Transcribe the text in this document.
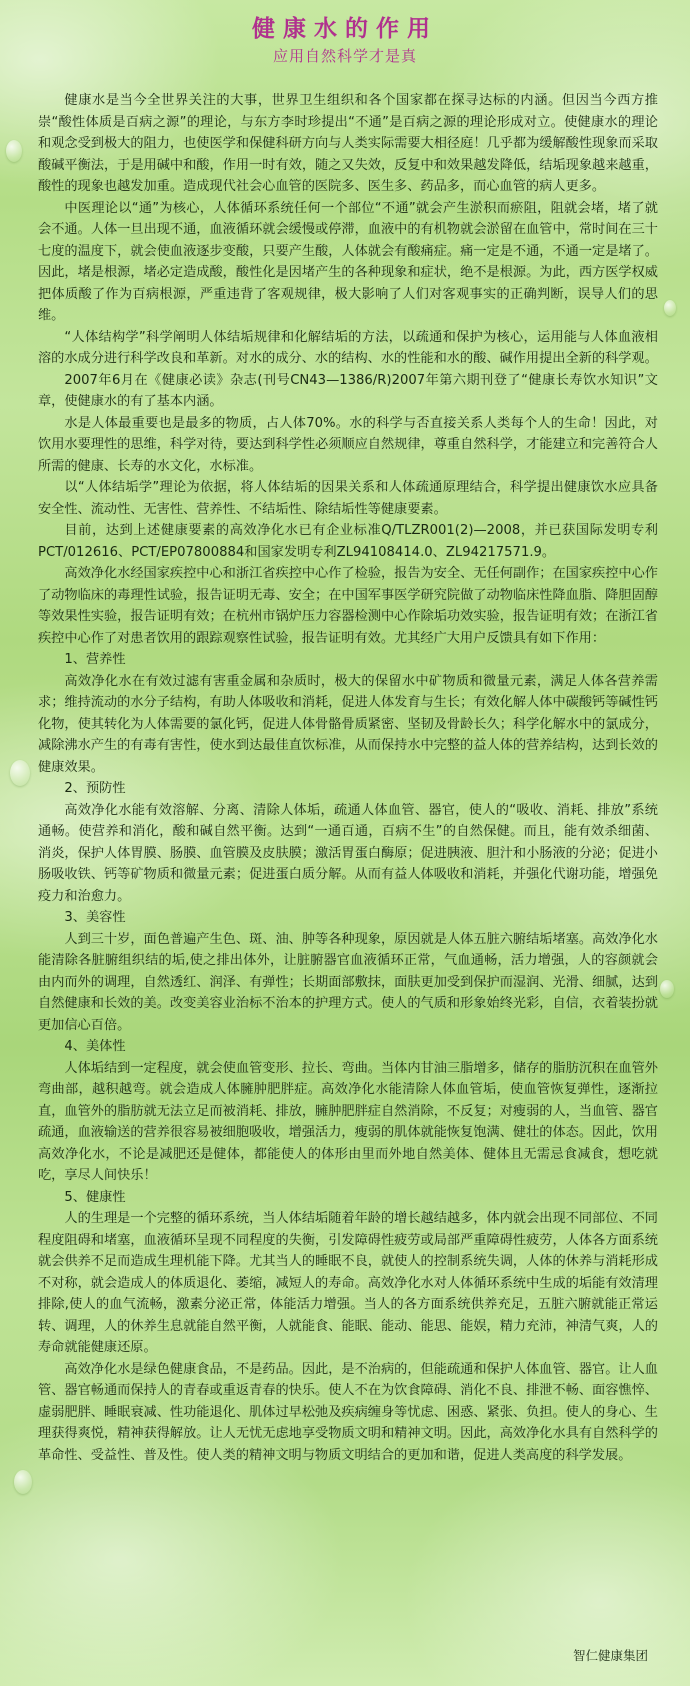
健康水的作用
应用自然科学才是真

健康水是当今全世界关注的大事，世界卫生组织和各个国家都在探寻达标的内涵。但因当今西方推崇“酸性体质是百病之源”的理论，与东方李时珍提出“不通”是百病之源的理论形成对立。使健康水的理论和观念受到极大的阻力，也使医学和保健科研方向与人类实际需要大相径庭！几乎都为缓解酸性现象而采取酸碱平衡法，于是用碱中和酸，作用一时有效，随之又失效，反复中和效果越发降低，结垢现象越来越重，酸性的现象也越发加重。造成现代社会心血管的医院多、医生多、药品多，而心血管的病人更多。

中医理论以“通”为核心，人体循环系统任何一个部位“不通”就会产生淤积而瘀阻，阻就会堵，堵了就会不通。人体一旦出现不通，血液循环就会缓慢或停滞，血液中的有机物就会淤留在血管中，常时间在三十七度的温度下，就会使血液逐步变酸，只要产生酸，人体就会有酸痛症。痛一定是不通，不通一定是堵了。因此，堵是根源，堵必定造成酸，酸性化是因堵产生的各种现象和症状，绝不是根源。为此，西方医学权威把体质酸了作为百病根源，严重违背了客观规律，极大影响了人们对客观事实的正确判断，误导人们的思维。

“人体结构学”科学阐明人体结垢规律和化解结垢的方法，以疏通和保护为核心，运用能与人体血液相溶的水成分进行科学改良和革新。对水的成分、水的结构、水的性能和水的酸、碱作用提出全新的科学观。

2007年6月在《健康必读》杂志(刊号CN43—1386/R)2007年第六期刊登了“健康长寿饮水知识”文章，使健康水的有了基本内涵。

水是人体最重要也是最多的物质，占人体70%。水的科学与否直接关系人类每个人的生命！因此，对饮用水要理性的思维，科学对待，要达到科学性必须顺应自然规律，尊重自然科学，才能建立和完善符合人所需的健康、长寿的水文化，水标准。

以“人体结垢学”理论为依据，将人体结垢的因果关系和人体疏通原理结合，科学提出健康饮水应具备安全性、流动性、无害性、营养性、不结垢性、除结垢性等健康要素。

目前，达到上述健康要素的高效净化水已有企业标准Q/TLZR001(2)—2008，并已获国际发明专利PCT/012616、PCT/EP07800884和国家发明专利ZL94108414.0、ZL94217571.9。

高效净化水经国家疾控中心和浙江省疾控中心作了检验，报告为安全、无任何副作；在国家疾控中心作了动物临床的毒理性试验，报告证明无毒、安全；在中国军事医学研究院做了动物临床性降血脂、降胆固醇等效果性实验，报告证明有效；在杭州市锅炉压力容器检测中心作除垢功效实验，报告证明有效；在浙江省疾控中心作了对患者饮用的跟踪观察性试验，报告证明有效。尤其经广大用户反馈具有如下作用：

1、营养性

高效净化水在有效过滤有害重金属和杂质时，极大的保留水中矿物质和微量元素，满足人体各营养需求；维持流动的水分子结构，有助人体吸收和消耗，促进人体发育与生长；有效化解人体中碳酸钙等碱性钙化物，使其转化为人体需要的氯化钙，促进人体骨骼骨质紧密、坚韧及骨龄长久；科学化解水中的氯成分，减除沸水产生的有毒有害性，使水到达最佳直饮标准，从而保持水中完整的益人体的营养结构，达到长效的健康效果。

2、预防性

高效净化水能有效溶解、分离、清除人体垢，疏通人体血管、器官，使人的“吸收、消耗、排放”系统通畅。使营养和消化，酸和碱自然平衡。达到“一通百通，百病不生”的自然保健。而且，能有效杀细菌、消炎，保护人体胃膜、肠膜、血管膜及皮肤膜；激活胃蛋白酶原；促进胰液、胆汁和小肠液的分泌；促进小肠吸收铁、钙等矿物质和微量元素；促进蛋白质分解。从而有益人体吸收和消耗，并强化代谢功能，增强免疫力和治愈力。

3、美容性

人到三十岁，面色普遍产生色、斑、油、肿等各种现象，原因就是人体五脏六腑结垢堵塞。高效净化水能清除各脏腑组织结的垢,使之排出体外，让脏腑器官血液循环正常，气血通畅，活力增强，人的容颜就会由内而外的调理，自然透红、润泽、有弹性；长期面部敷抹，面肤更加受到保护而湿润、光滑、细腻，达到自然健康和长效的美。改变美容业治标不治本的护理方式。使人的气质和形象始终光彩，自信，衣着装扮就更加信心百倍。

4、美体性

人体垢结到一定程度，就会使血管变形、拉长、弯曲。当体内甘油三脂增多，储存的脂肪沉积在血管外弯曲部，越积越弯。就会造成人体臃肿肥胖症。高效净化水能清除人体血管垢，使血管恢复弹性，逐渐拉直，血管外的脂肪就无法立足而被消耗、排放，臃肿肥胖症自然消除，不反复；对瘦弱的人，当血管、器官疏通，血液输送的营养很容易被细胞吸收，增强活力，瘦弱的肌体就能恢复饱满、健壮的体态。因此，饮用高效净化水，不论是减肥还是健体，都能使人的体形由里而外地自然美体、健体且无需忌食减食，想吃就吃，享尽人间快乐！

5、健康性

人的生理是一个完整的循环系统，当人体结垢随着年龄的增长越结越多，体内就会出现不同部位、不同程度阻碍和堵塞，血液循环呈现不同程度的失衡，引发障碍性疲劳或局部严重障碍性疲劳，人体各方面系统就会供养不足而造成生理机能下降。尤其当人的睡眠不良，就使人的控制系统失调，人体的休养与消耗形成不对称，就会造成人的体质退化、萎缩，减短人的寿命。高效净化水对人体循环系统中生成的垢能有效清理排除,使人的血气流畅，激素分泌正常，体能活力增强。当人的各方面系统供养充足，五脏六腑就能正常运转、调理，人的休养生息就能自然平衡，人就能食、能眠、能动、能思、能娱，精力充沛，神清气爽，人的寿命就能健康还原。

高效净化水是绿色健康食品，不是药品。因此，是不治病的，但能疏通和保护人体血管、器官。让人血管、器官畅通而保持人的青春或重返青春的快乐。使人不在为饮食障碍、消化不良、排泄不畅、面容憔悴、虚弱肥胖、睡眠衰减、性功能退化、肌体过早松弛及疾病缠身等忧虑、困惑、紧张、负担。使人的身心、生理获得爽悦，精神获得解放。让人无忧无虑地享受物质文明和精神文明。因此，高效净化水具有自然科学的革命性、受益性、普及性。使人类的精神文明与物质文明结合的更加和谐，促进人类高度的科学发展。

智仁健康集团
